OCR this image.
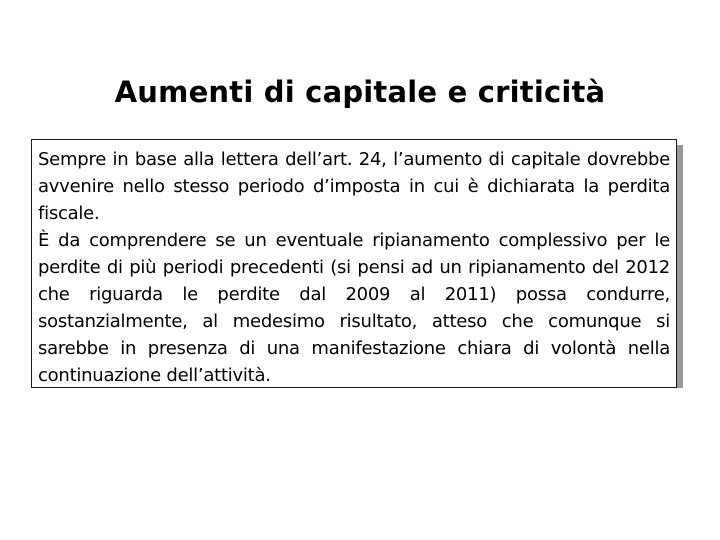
Aumenti di capitale e criticità

Sempre in base alla lettera dell’art. 24, l’aumento di capitale dovrebbe avvenire nello stesso periodo d’imposta in cui è dichiarata la perdita fiscale.

È da comprendere se un eventuale ripianamento complessivo per le perdite di più periodi precedenti (si pensi ad un ripianamento del 2012 che riguarda le perdite dal 2009 al 2011) possa condurre, sostanzialmente, al medesimo risultato, atteso che comunque si sarebbe in presenza di una manifestazione chiara di volontà nella continuazione dell’attività.
